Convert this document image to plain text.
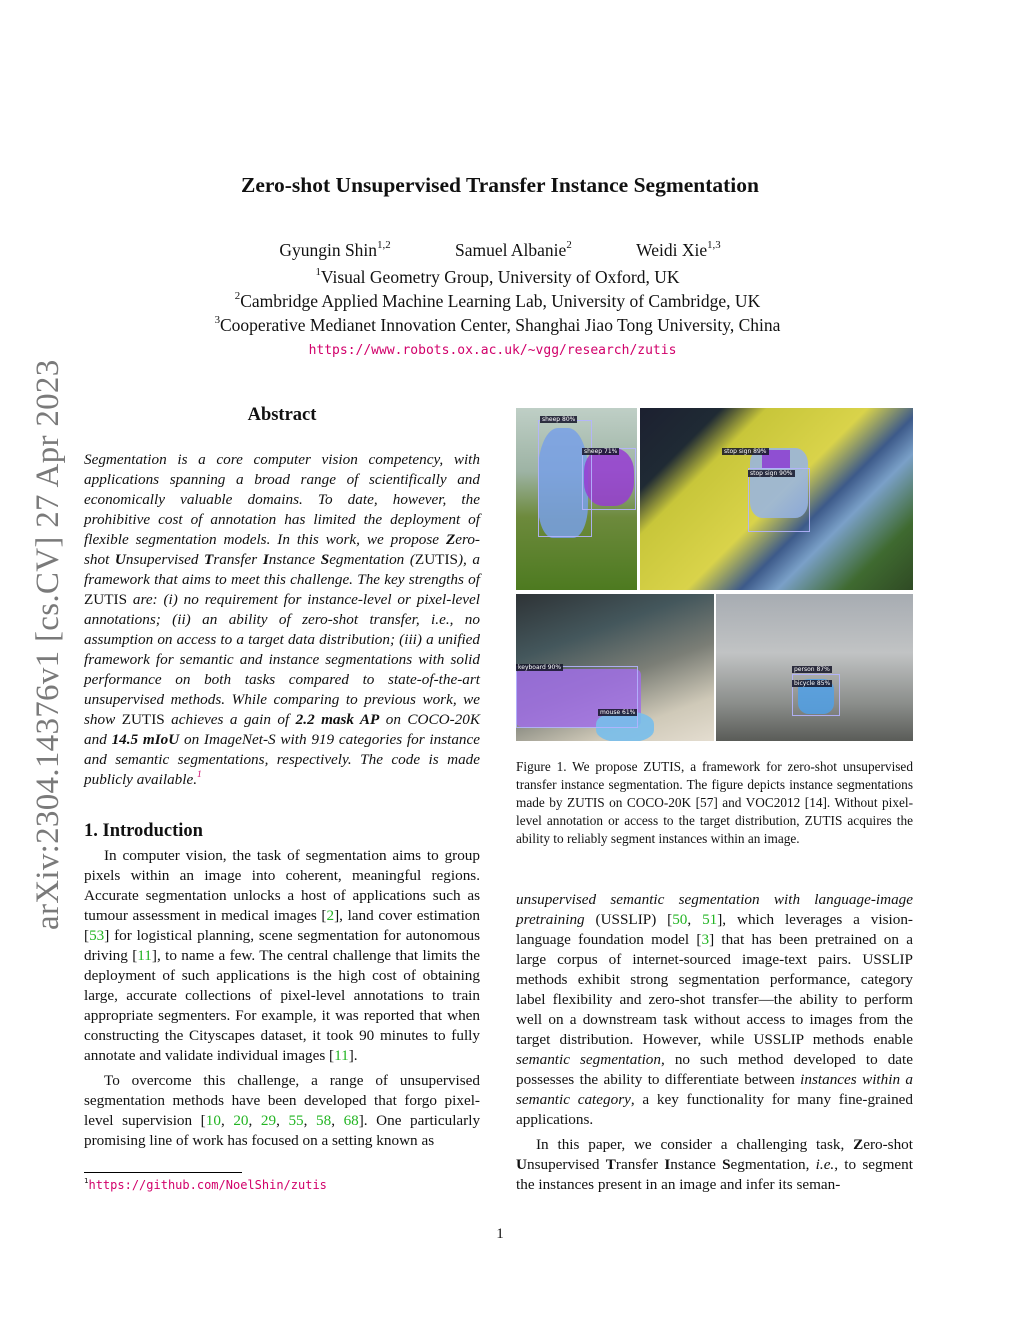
Zero-shot Unsupervised Transfer Instance Segmentation
Gyungin Shin$^{1,2}$	Samuel Albanie$^2$	Weidi Xie$^{1,3}$
$^1$Visual Geometry Group, University of Oxford, UK
$^2$Cambridge Applied Machine Learning Lab, University of Cambridge, UK
$^3$Cooperative Medianet Innovation Center, Shanghai Jiao Tong University, China
https://www.robots.ox.ac.uk/~vgg/research/zutis
arXiv:2304.14376v1 [cs.CV] 27 Apr 2023	Abstract
Segmentation is a core computer vision competency, with applications spanning a broad range of scientifically and economically valuable domains. To date, however, the prohibitive cost of annotation has limited the deployment of flexible segmentation models. In this work, we propose Zero-shot Unsupervised Transfer Instance Segmentation (ZUTIS), a framework that aims to meet this challenge. The key strengths of ZUTIS are: (i) no requirement for instance-level or pixel-level annotations; (ii) an ability of zero-shot transfer, i.e., no assumption on access to a target data distribution; (iii) a unified framework for semantic and instance segmentations with solid performance on both tasks compared to state-of-the-art unsupervised methods. While comparing to previous work, we show ZUTIS achieves a gain of 2.2 mask AP on COCO-20K and 14.5 mIoU on ImageNet-S with 919 categories for instance and semantic segmentations, respectively. The code is made publicly available.$^1$
1. Introduction

In computer vision, the task of segmentation aims to group pixels within an image into coherent, meaningful regions. Accurate segmentation unlocks a host of applications such as tumour assessment in medical images [2], land cover estimation [53] for logistical planning, scene segmentation for autonomous driving [11], to name a few. The central challenge that limits the deployment of such applications is the high cost of obtaining large, accurate collections of pixel-level annotations to train appropriate segmenters. For example, it was reported that when constructing the Cityscapes dataset, it took 90 minutes to fully annotate and validate individual images [11].

To overcome this challenge, a range of unsupervised segmentation methods have been developed that forgo pixel-level supervision [10, 20, 29, 55, 58, 68]. One particularly promising line of work has focused on a setting known as

$^1$https://github.com/NoelShin/zutis
sheep 80%
sheep 71%	stop sign 89%
stop sign 90%
keyboard 90%
mouse 61%
person 87%
bicycle 85%
Figure 1. We propose ZUTIS, a framework for zero-shot unsupervised transfer instance segmentation. The figure depicts instance segmentations made by ZUTIS on COCO-20K [57] and VOC2012 [14]. Without pixel-level annotation or access to the target distribution, ZUTIS acquires the ability to reliably segment instances within an image.

unsupervised semantic segmentation with language-image pretraining (USSLIP) [50, 51], which leverages a vision-language foundation model [3] that has been pretrained on a large corpus of internet-sourced image-text pairs. USSLIP methods exhibit strong segmentation performance, category label flexibility and zero-shot transfer—the ability to perform well on a downstream task without access to images from the target distribution. However, while USSLIP methods enable semantic segmentation, no such method developed to date possesses the ability to differentiate between instances within a semantic category, a key functionality for many fine-grained applications.

In this paper, we consider a challenging task, Zero-shot Unsupervised Transfer Instance Segmentation, i.e., to segment the instances present in an image and infer its seman-

1
